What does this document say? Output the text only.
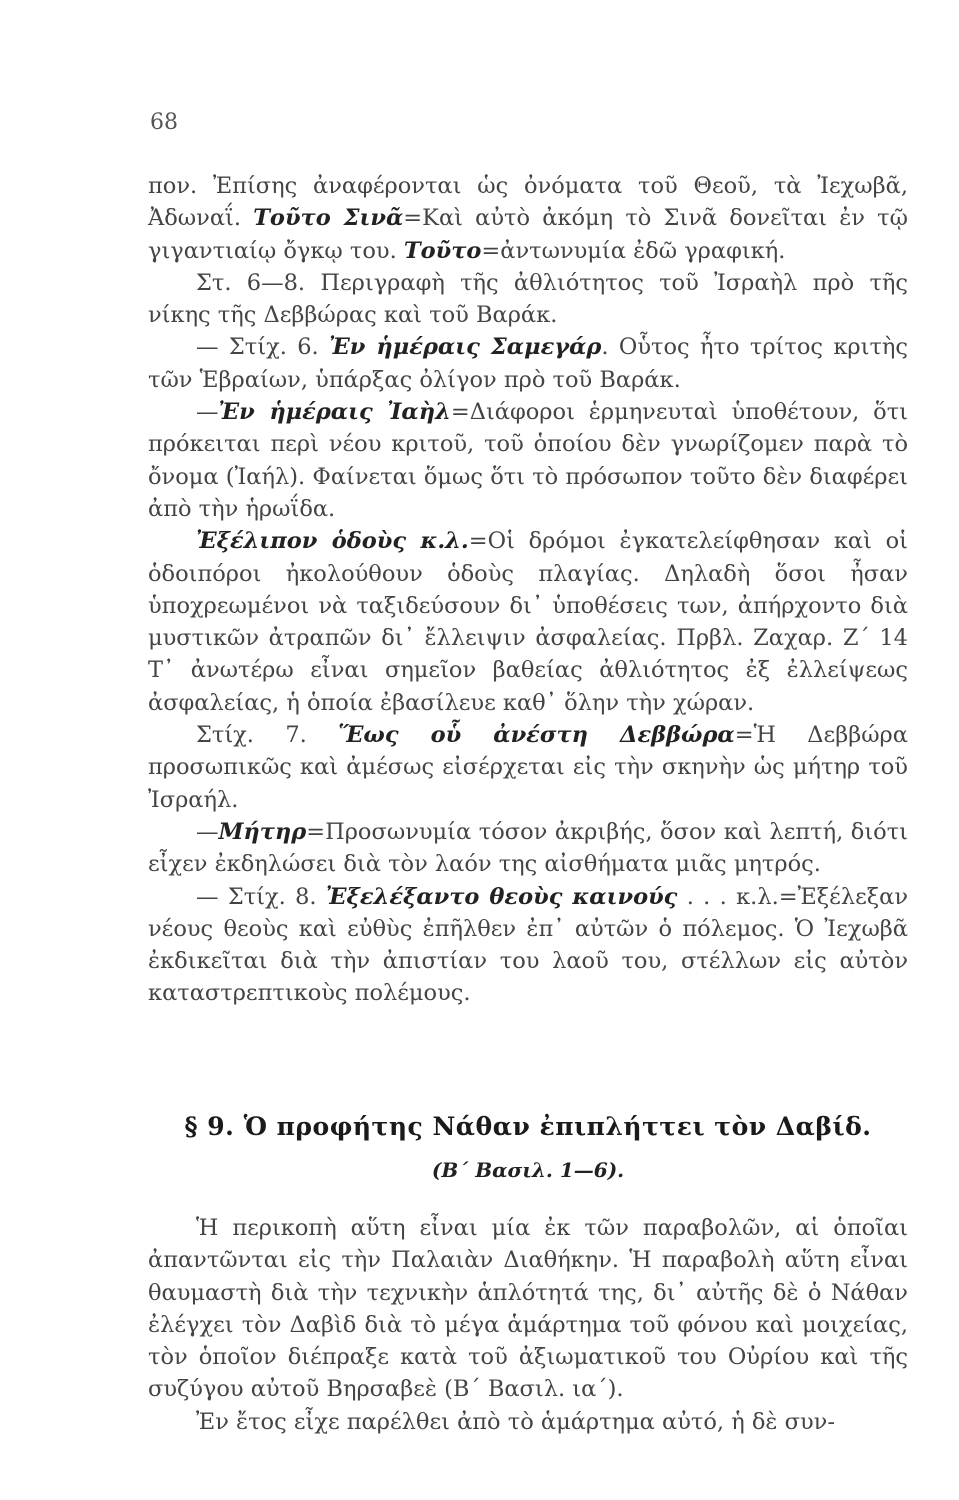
68

πον. Ἐπίσης ἀναφέρονται ὡς ὀνόματα τοῦ Θεοῦ, τὰ Ἰεχωβᾶ, Ἀδωναΐ. Τοῦτο Σινᾶ=Καὶ αὐτὸ ἀκόμη τὸ Σινᾶ δονεῖται ἐν τῷ γιγαντιαίῳ ὄγκῳ του. Τοῦτο=ἀντωνυμία ἐδῶ γραφική.

Στ. 6—8. Περιγραφὴ τῆς ἀθλιότητος τοῦ Ἰσραὴλ πρὸ τῆς νίκης τῆς Δεββώρας καὶ τοῦ Βαράκ.

— Στίχ. 6. Ἐν ἡμέραις Σαμεγάρ. Οὗτος ἦτο τρίτος κριτὴς τῶν Ἑβραίων, ὑπάρξας ὀλίγον πρὸ τοῦ Βαράκ.

—Ἐν ἡμέραις Ἰαὴλ=Διάφοροι ἑρμηνευταὶ ὑποθέτουν, ὅτι πρόκειται περὶ νέου κριτοῦ, τοῦ ὁποίου δὲν γνωρίζομεν παρὰ τὸ ὄνομα (Ἰαήλ). Φαίνεται ὅμως ὅτι τὸ πρόσωπον τοῦτο δὲν διαφέρει ἀπὸ τὴν ἡρωΐδα.

Ἐξέλιπον ὁδοὺς κ.λ.=Οἱ δρόμοι ἐγκατελείφθησαν καὶ οἱ ὁδοιπόροι ἠκολούθουν ὁδοὺς πλαγίας. Δηλαδὴ ὅσοι ἦσαν ὑποχρεωμένοι νὰ ταξιδεύσουν δι᾽ ὑποθέσεις των, ἀπήρχοντο διὰ μυστικῶν ἀτραπῶν δι᾽ ἔλλειψιν ἀσφαλείας. Πρβλ. Ζαχαρ. Ζ´ 14 Τ᾽ ἀνωτέρω εἶναι σημεῖον βαθείας ἀθλιότητος ἐξ ἐλλείψεως ἀσφαλείας, ἡ ὁποία ἐβασίλευε καθ᾽ ὅλην τὴν χώραν.

Στίχ. 7. Ἕως οὗ ἀνέστη Δεββώρα=Ἡ Δεββώρα προσωπικῶς καὶ ἀμέσως εἰσέρχεται εἰς τὴν σκηνὴν ὡς μήτηρ τοῦ Ἰσραήλ.

—Μήτηρ=Προσωνυμία τόσον ἀκριβής, ὅσον καὶ λεπτή, διότι εἶχεν ἐκδηλώσει διὰ τὸν λαόν της αἰσθήματα μιᾶς μητρός.

— Στίχ. 8. Ἐξελέξαντο θεοὺς καινούς . . . κ.λ.=Ἐξέλεξαν νέους θεοὺς καὶ εὐθὺς ἐπῆλθεν ἐπ᾽ αὐτῶν ὁ πόλεμος. Ὁ Ἰεχωβᾶ ἐκδικεῖται διὰ τὴν ἀπιστίαν του λαοῦ του, στέλλων εἰς αὐτὸν καταστρεπτικοὺς πολέμους.

§ 9. Ὁ προφήτης Νάθαν ἐπιπλήττει τὸν Δαβίδ.
(Β´ Βασιλ. 1—6).

Ἡ περικοπὴ αὕτη εἶναι μία ἐκ τῶν παραβολῶν, αἱ ὁποῖαι ἀπαντῶνται εἰς τὴν Παλαιὰν Διαθήκην. Ἡ παραβολὴ αὕτη εἶναι θαυμαστὴ διὰ τὴν τεχνικὴν ἁπλότητά της, δι᾽ αὐτῆς δὲ ὁ Νάθαν ἐλέγχει τὸν Δαβὶδ διὰ τὸ μέγα ἁμάρτημα τοῦ φόνου καὶ μοιχείας, τὸν ὁποῖον διέπραξε κατὰ τοῦ ἀξιωματικοῦ του Οὐρίου καὶ τῆς συζύγου αὐτοῦ Βηρσαβεὲ (Β´ Βασιλ. ια´).

Ἐν ἔτος εἶχε παρέλθει ἀπὸ τὸ ἁμάρτημα αὐτό, ἡ δὲ συν-
